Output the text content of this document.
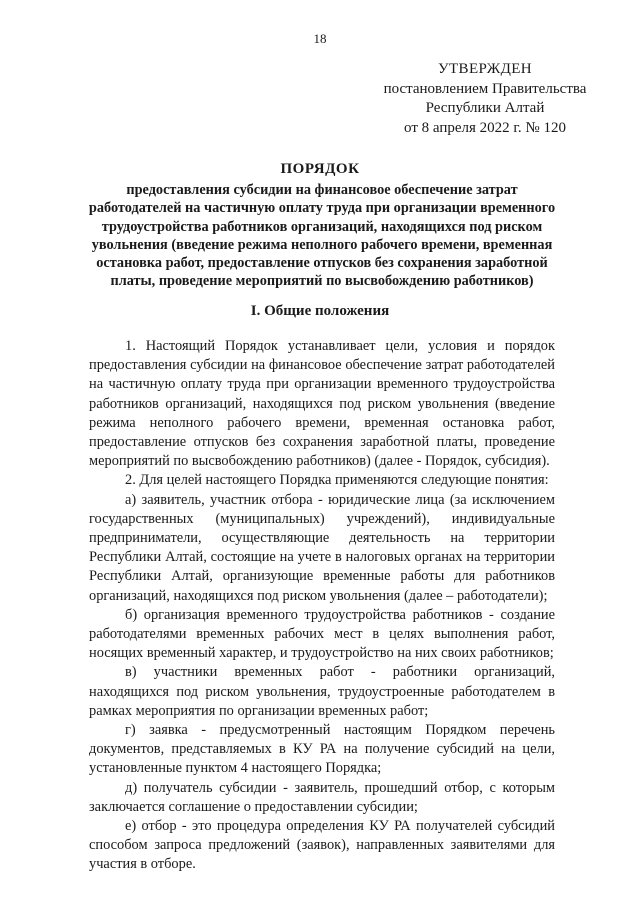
18
УТВЕРЖДЕН
постановлением Правительства
Республики Алтай
от 8 апреля 2022 г. № 120
ПОРЯДОК
предоставления субсидии на финансовое обеспечение затрат работодателей на частичную оплату труда при организации временного трудоустройства работников организаций, находящихся под риском увольнения (введение режима неполного рабочего времени, временная остановка работ, предоставление отпусков без сохранения заработной платы, проведение мероприятий по высвобождению работников)
I. Общие положения

1. Настоящий Порядок устанавливает цели, условия и порядок предоставления субсидии на финансовое обеспечение затрат работодателей на частичную оплату труда при организации временного трудоустройства работников организаций, находящихся под риском увольнения (введение режима неполного рабочего времени, временная остановка работ, предоставление отпусков без сохранения заработной платы, проведение мероприятий по высвобождению работников) (далее - Порядок, субсидия).

2. Для целей настоящего Порядка применяются следующие понятия:

а) заявитель, участник отбора - юридические лица (за исключением государственных (муниципальных) учреждений), индивидуальные предприниматели, осуществляющие деятельность на территории Республики Алтай, состоящие на учете в налоговых органах на территории Республики Алтай, организующие временные работы для работников организаций, находящихся под риском увольнения (далее – работодатели);

б) организация временного трудоустройства работников - создание работодателями временных рабочих мест в целях выполнения работ, носящих временный характер, и трудоустройство на них своих работников;

в) участники временных работ - работники организаций, находящихся под риском увольнения, трудоустроенные работодателем в рамках мероприятия по организации временных работ;

г) заявка - предусмотренный настоящим Порядком перечень документов, представляемых в КУ РА на получение субсидий на цели, установленные пунктом 4 настоящего Порядка;

д) получатель субсидии - заявитель, прошедший отбор, с которым заключается соглашение о предоставлении субсидии;

е) отбор - это процедура определения КУ РА получателей субсидий способом запроса предложений (заявок), направленных заявителями для участия в отборе.
